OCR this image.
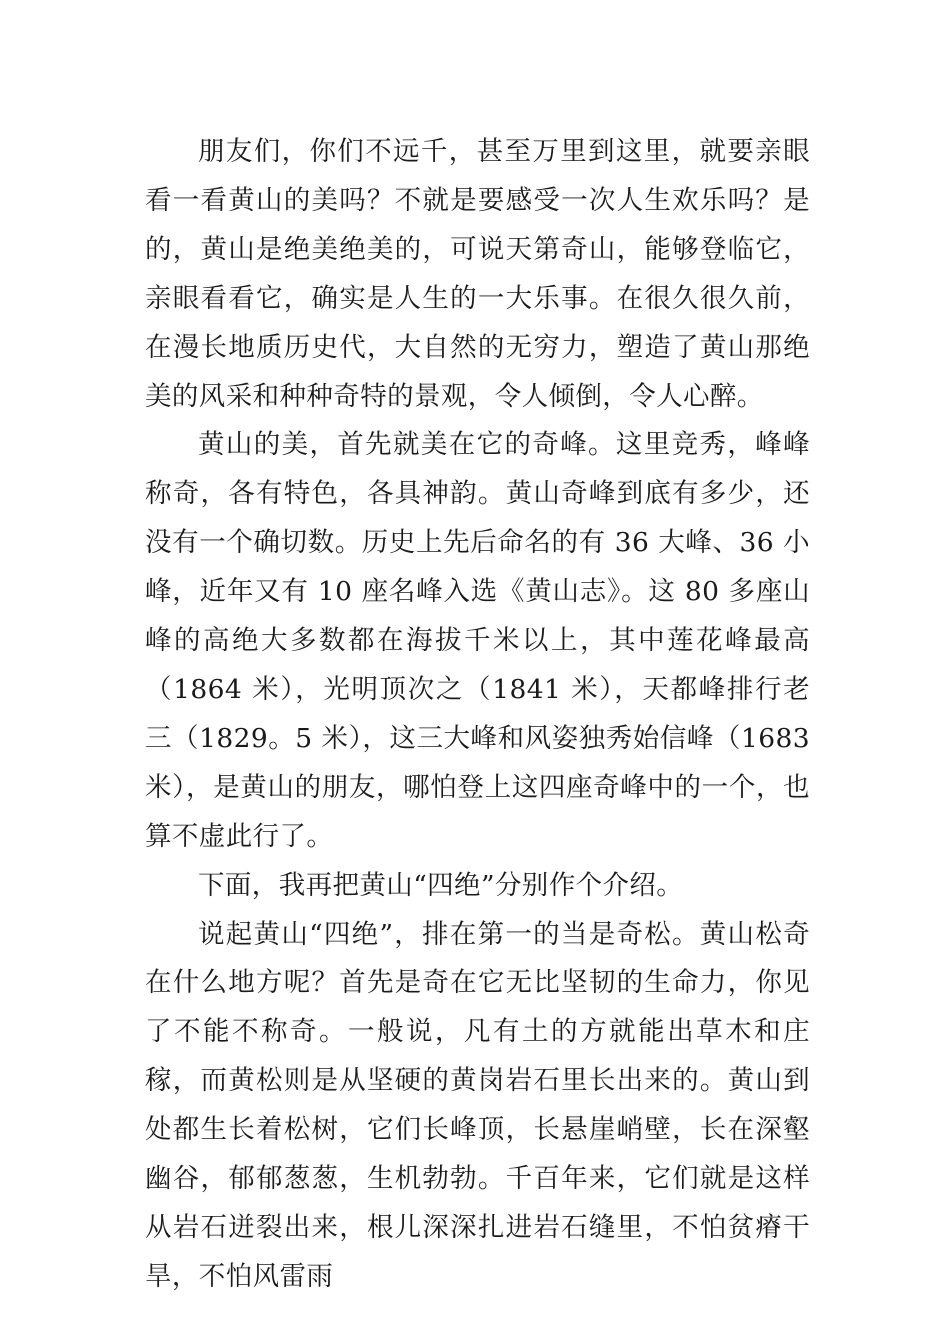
朋友们，你们不远千，甚至万里到这里，就要亲眼看一看黄山的美吗？不就是要感受一次人生欢乐吗？是的，黄山是绝美绝美的，可说天第奇山，能够登临它，亲眼看看它，确实是人生的一大乐事。在很久很久前，在漫长地质历史代，大自然的无穷力，塑造了黄山那绝美的风采和种种奇特的景观，令人倾倒，令人心醉。

黄山的美，首先就美在它的奇峰。这里竞秀，峰峰称奇，各有特色，各具神韵。黄山奇峰到底有多少，还没有一个确切数。历史上先后命名的有 36 大峰、36 小峰，近年又有 10 座名峰入选《黄山志》。这 80 多座山峰的高绝大多数都在海拔千米以上，其中莲花峰最高（1864 米），光明顶次之（1841 米），天都峰排行老三（1829。5 米），这三大峰和风姿独秀始信峰（1683 米），是黄山的朋友，哪怕登上这四座奇峰中的一个，也算不虚此行了。

下面，我再把黄山“四绝”分别作个介绍。

说起黄山“四绝”，排在第一的当是奇松。黄山松奇在什么地方呢？首先是奇在它无比坚韧的生命力，你见了不能不称奇。一般说，凡有土的方就能出草木和庄稼，而黄松则是从坚硬的黄岗岩石里长出来的。黄山到处都生长着松树，它们长峰顶，长悬崖峭壁，长在深壑幽谷，郁郁葱葱，生机勃勃。千百年来，它们就是这样从岩石迸裂出来，根儿深深扎进岩石缝里，不怕贫瘠干旱，不怕风雷雨
